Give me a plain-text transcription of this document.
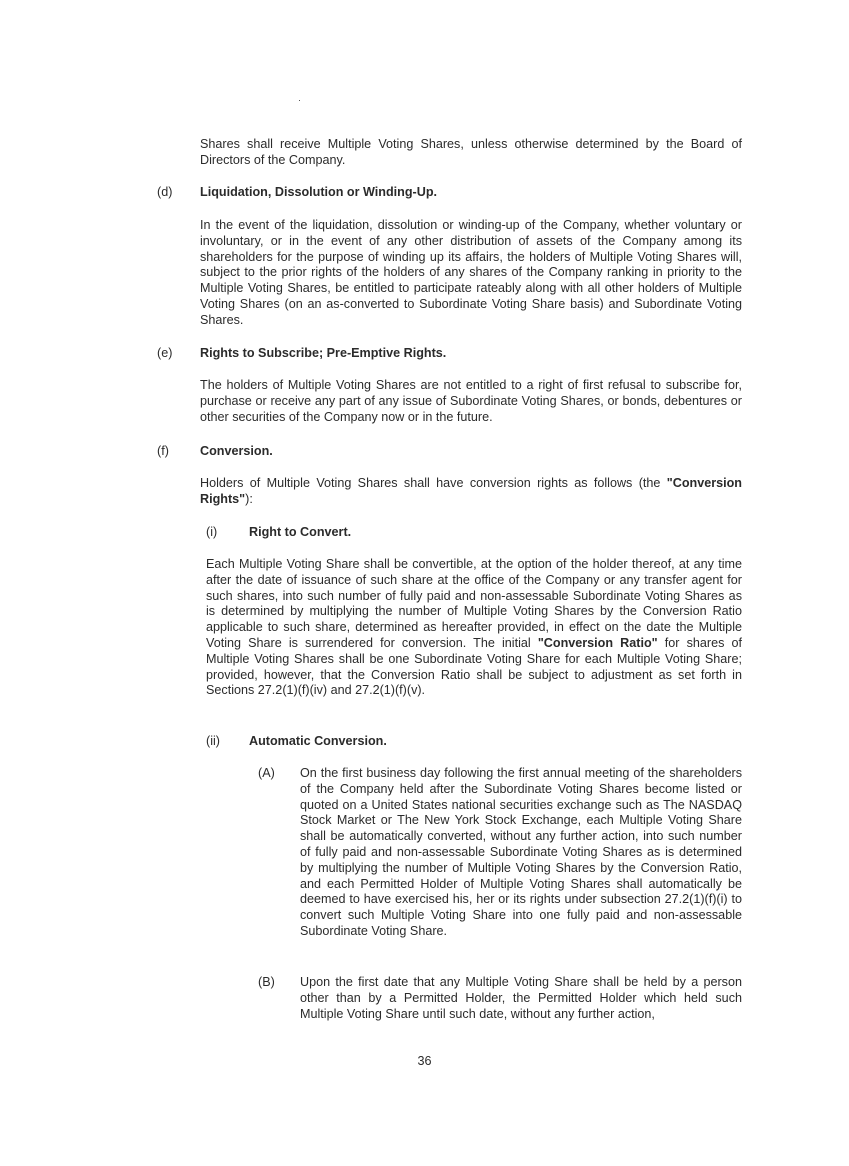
Shares shall receive Multiple Voting Shares, unless otherwise determined by the Board of Directors of the Company.
(d) Liquidation, Dissolution or Winding-Up.
In the event of the liquidation, dissolution or winding-up of the Company, whether voluntary or involuntary, or in the event of any other distribution of assets of the Company among its shareholders for the purpose of winding up its affairs, the holders of Multiple Voting Shares will, subject to the prior rights of the holders of any shares of the Company ranking in priority to the Multiple Voting Shares, be entitled to participate rateably along with all other holders of Multiple Voting Shares (on an as-converted to Subordinate Voting Share basis) and Subordinate Voting Shares.
(e) Rights to Subscribe; Pre-Emptive Rights.
The holders of Multiple Voting Shares are not entitled to a right of first refusal to subscribe for, purchase or receive any part of any issue of Subordinate Voting Shares, or bonds, debentures or other securities of the Company now or in the future.
(f) Conversion.
Holders of Multiple Voting Shares shall have conversion rights as follows (the "Conversion Rights"):
(i)	Right to Convert.
Each Multiple Voting Share shall be convertible, at the option of the holder thereof, at any time after the date of issuance of such share at the office of the Company or any transfer agent for such shares, into such number of fully paid and non-assessable Subordinate Voting Shares as is determined by multiplying the number of Multiple Voting Shares by the Conversion Ratio applicable to such share, determined as hereafter provided, in effect on the date the Multiple Voting Share is surrendered for conversion. The initial "Conversion Ratio" for shares of Multiple Voting Shares shall be one Subordinate Voting Share for each Multiple Voting Share; provided, however, that the Conversion Ratio shall be subject to adjustment as set forth in Sections 27.2(1)(f)(iv) and 27.2(1)(f)(v).
(ii) Automatic Conversion.
(A) On the first business day following the first annual meeting of the shareholders of the Company held after the Subordinate Voting Shares become listed or quoted on a United States national securities exchange such as The NASDAQ Stock Market or The New York Stock Exchange, each Multiple Voting Share shall be automatically converted, without any further action, into such number of fully paid and non-assessable Subordinate Voting Shares as is determined by multiplying the number of Multiple Voting Shares by the Conversion Ratio, and each Permitted Holder of Multiple Voting Shares shall automatically be deemed to have exercised his, her or its rights under subsection 27.2(1)(f)(i) to convert such Multiple Voting Share into one fully paid and non-assessable Subordinate Voting Share.
(B) Upon the first date that any Multiple Voting Share shall be held by a person other than by a Permitted Holder, the Permitted Holder which held such Multiple Voting Share until such date, without any further action,
36
